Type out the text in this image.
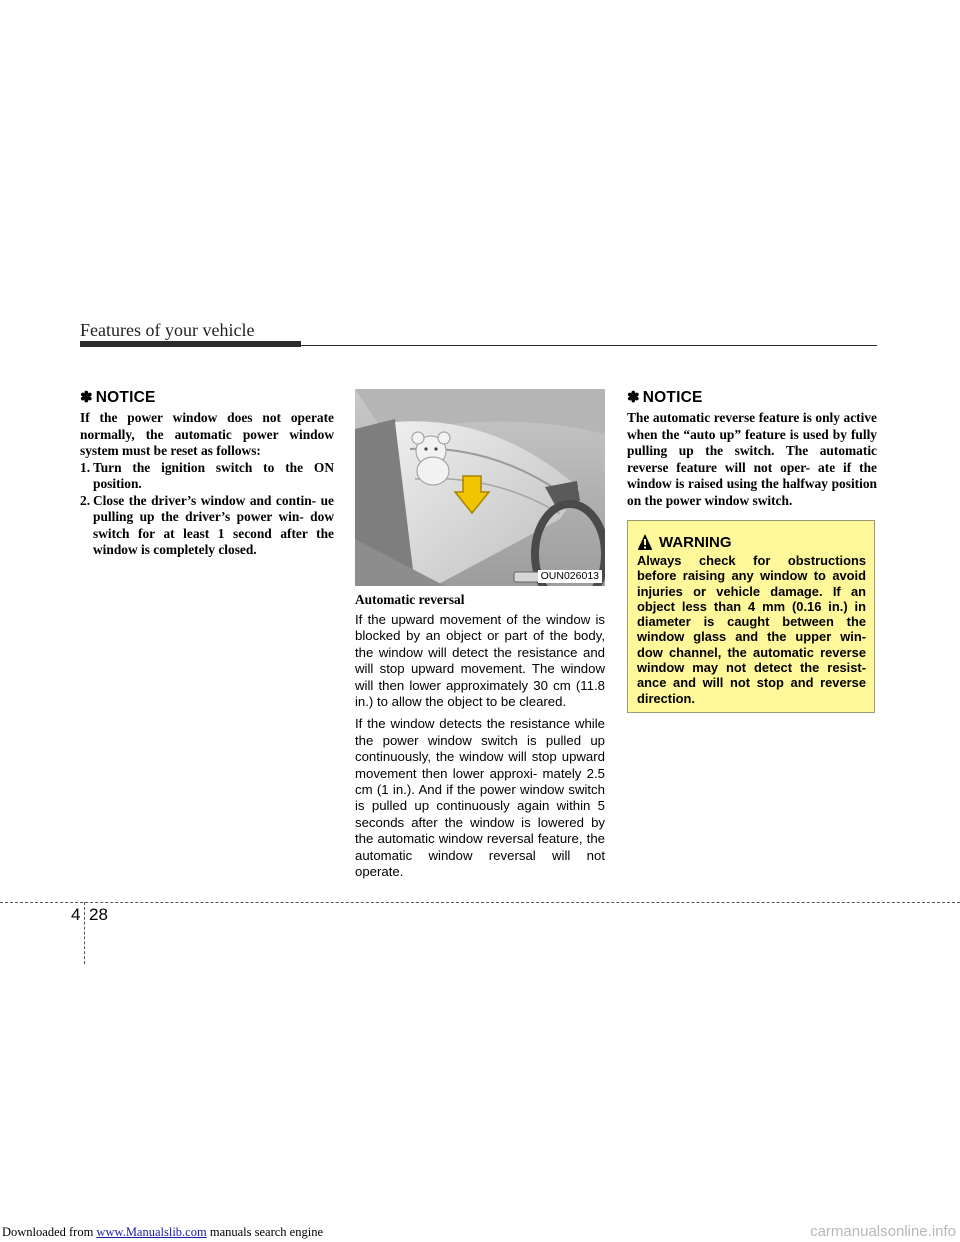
Features of your vehicle
✽ NOTICE
If the power window does not operate normally, the automatic power window system must be reset as follows:
1. Turn the ignition switch to the ON position.
2. Close the driver’s window and contin- ue pulling up the driver’s power win- dow switch for at least 1 second after the window is completely closed.
OUN026013
Automatic reversal

If the upward movement of the window is blocked by an object or part of the body, the window will detect the resistance and will stop upward movement. The window will then lower approximately 30 cm (11.8 in.) to allow the object to be cleared.

If the window detects the resistance while the power window switch is pulled up continuously, the window will stop upward movement then lower approxi- mately 2.5 cm (1 in.). And if the power window switch is pulled up continuously again within 5 seconds after the window is lowered by the automatic window reversal feature, the automatic window reversal will not operate.

✽ NOTICE
The automatic reverse feature is only active when the “auto up” feature is used by fully pulling up the switch. The automatic reverse feature will not oper- ate if the window is raised using the halfway position on the power window switch.
WARNING
Always check for obstructions before raising any window to avoid injuries or vehicle damage. If an object less than 4 mm (0.16 in.) in diameter is caught between the window glass and the upper win- dow channel, the automatic reverse window may not detect the resist- ance and will not stop and reverse direction.
4 28
Downloaded from www.Manualslib.com manuals search engine	carmanualsonline.info
